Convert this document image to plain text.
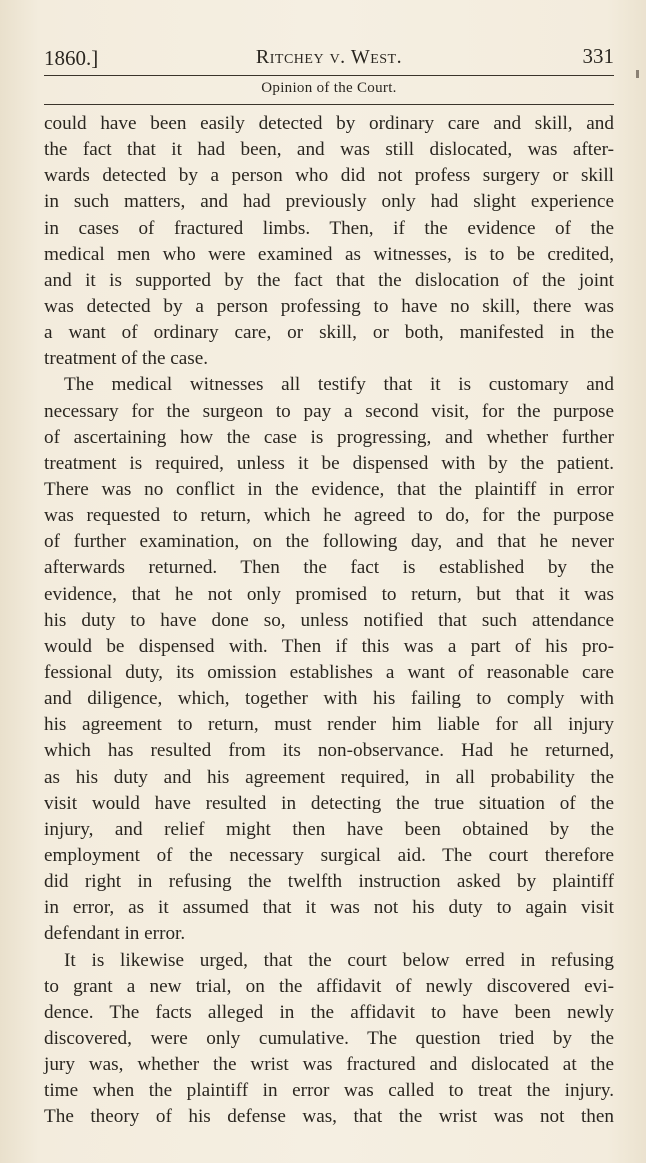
1860.]	Ritchey v. West.	331
Opinion of the Court.
could have been easily detected by ordinary care and skill, and
the fact that it had been, and was still dislocated, was after-
wards detected by a person who did not profess surgery or skill
in such matters, and had previously only had slight experience
in cases of fractured limbs. Then, if the evidence of the
medical men who were examined as witnesses, is to be credited,
and it is supported by the fact that the dislocation of the joint
was detected by a person professing to have no skill, there was
a want of ordinary care, or skill, or both, manifested in the
treatment of the case.
The medical witnesses all testify that it is customary and
necessary for the surgeon to pay a second visit, for the purpose
of ascertaining how the case is progressing, and whether further
treatment is required, unless it be dispensed with by the patient.
There was no conflict in the evidence, that the plaintiff in error
was requested to return, which he agreed to do, for the purpose
of further examination, on the following day, and that he never
afterwards returned. Then the fact is established by the
evidence, that he not only promised to return, but that it was
his duty to have done so, unless notified that such attendance
would be dispensed with. Then if this was a part of his pro-
fessional duty, its omission establishes a want of reasonable care
and diligence, which, together with his failing to comply with
his agreement to return, must render him liable for all injury
which has resulted from its non-observance. Had he returned,
as his duty and his agreement required, in all probability the
visit would have resulted in detecting the true situation of the
injury, and relief might then have been obtained by the
employment of the necessary surgical aid. The court therefore
did right in refusing the twelfth instruction asked by plaintiff
in error, as it assumed that it was not his duty to again visit
defendant in error.
It is likewise urged, that the court below erred in refusing
to grant a new trial, on the affidavit of newly discovered evi-
dence. The facts alleged in the affidavit to have been newly
discovered, were only cumulative. The question tried by the
jury was, whether the wrist was fractured and dislocated at the
time when the plaintiff in error was called to treat the injury.
The theory of his defense was, that the wrist was not then
